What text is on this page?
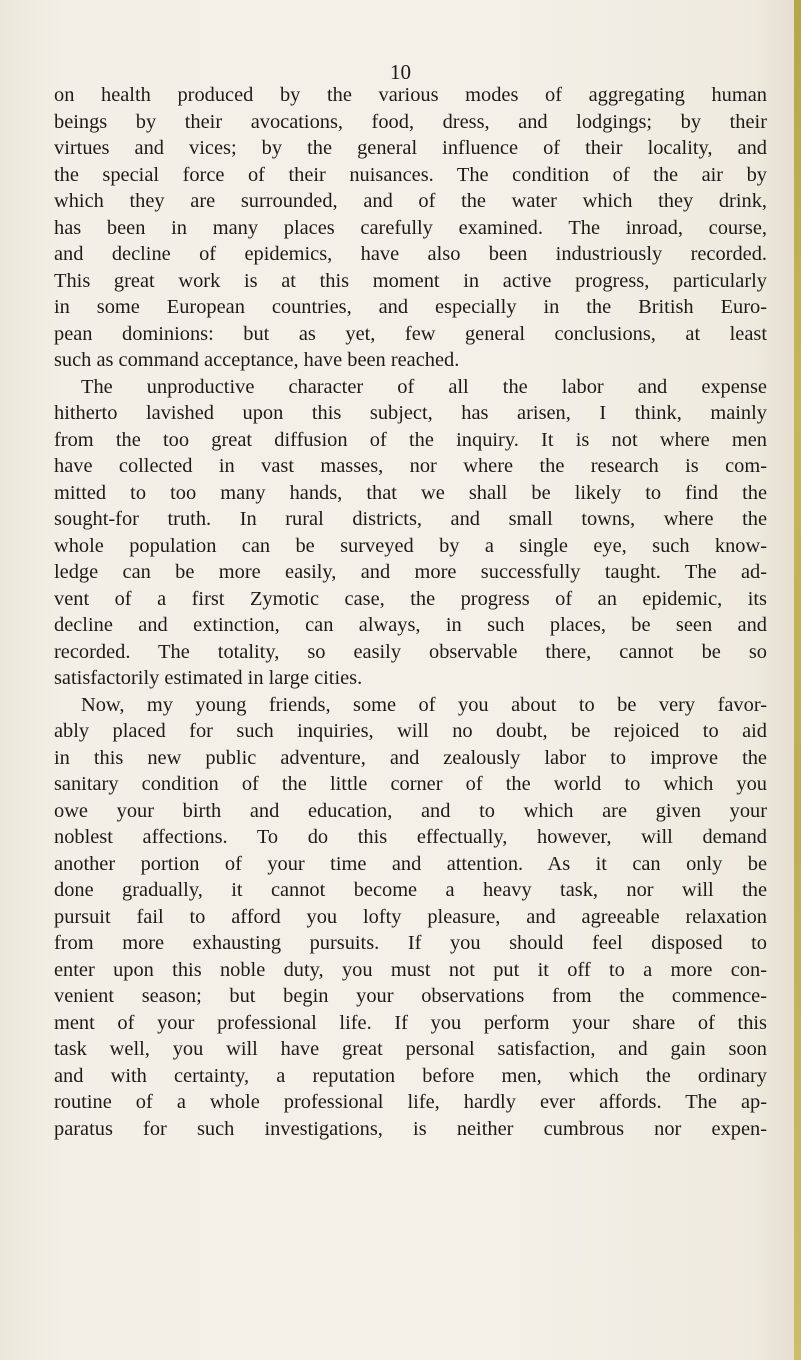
10

on health produced by the various modes of aggregating human
beings by their avocations, food, dress, and lodgings; by their
virtues and vices; by the general influence of their locality, and
the special force of their nuisances. The condition of the air by
which they are surrounded, and of the water which they drink,
has been in many places carefully examined. The inroad, course,
and decline of epidemics, have also been industriously recorded.
This great work is at this moment in active progress, particularly
in some European countries, and especially in the British Euro-
pean dominions: but as yet, few general conclusions, at least
such as command acceptance, have been reached.
The unproductive character of all the labor and expense
hitherto lavished upon this subject, has arisen, I think, mainly
from the too great diffusion of the inquiry. It is not where men
have collected in vast masses, nor where the research is com-
mitted to too many hands, that we shall be likely to find the
sought-for truth. In rural districts, and small towns, where the
whole population can be surveyed by a single eye, such know-
ledge can be more easily, and more successfully taught. The ad-
vent of a first Zymotic case, the progress of an epidemic, its
decline and extinction, can always, in such places, be seen and
recorded. The totality, so easily observable there, cannot be so
satisfactorily estimated in large cities.
Now, my young friends, some of you about to be very favor-
ably placed for such inquiries, will no doubt, be rejoiced to aid
in this new public adventure, and zealously labor to improve the
sanitary condition of the little corner of the world to which you
owe your birth and education, and to which are given your
noblest affections. To do this effectually, however, will demand
another portion of your time and attention. As it can only be
done gradually, it cannot become a heavy task, nor will the
pursuit fail to afford you lofty pleasure, and agreeable relaxation
from more exhausting pursuits. If you should feel disposed to
enter upon this noble duty, you must not put it off to a more con-
venient season; but begin your observations from the commence-
ment of your professional life. If you perform your share of this
task well, you will have great personal satisfaction, and gain soon
and with certainty, a reputation before men, which the ordinary
routine of a whole professional life, hardly ever affords. The ap-
paratus for such investigations, is neither cumbrous nor expen-
